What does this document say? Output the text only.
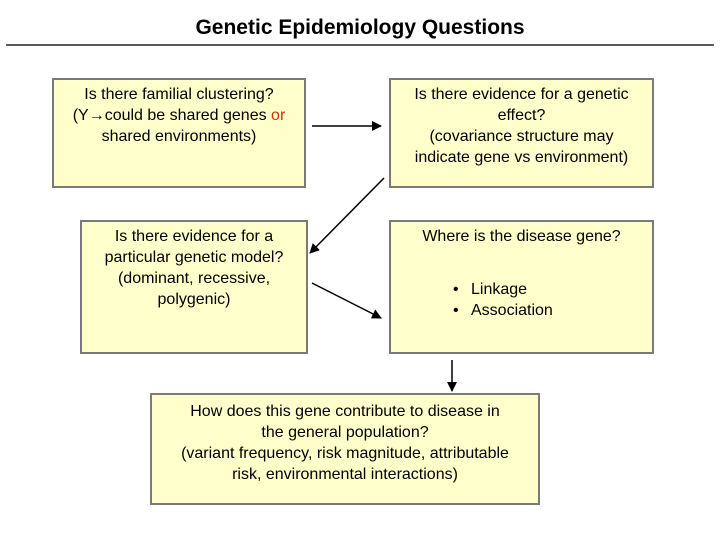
Genetic Epidemiology Questions
Is there familial clustering?
(Y→could be shared genes or
shared environments)
Is there evidence for a genetic
effect?
(covariance structure may
indicate gene vs environment)
Is there evidence for a
particular genetic model?
(dominant, recessive,
polygenic)
Where is the disease gene?
• Linkage
• Association
How does this gene contribute to disease in
the general population?
(variant frequency, risk magnitude, attributable
risk, environmental interactions)
